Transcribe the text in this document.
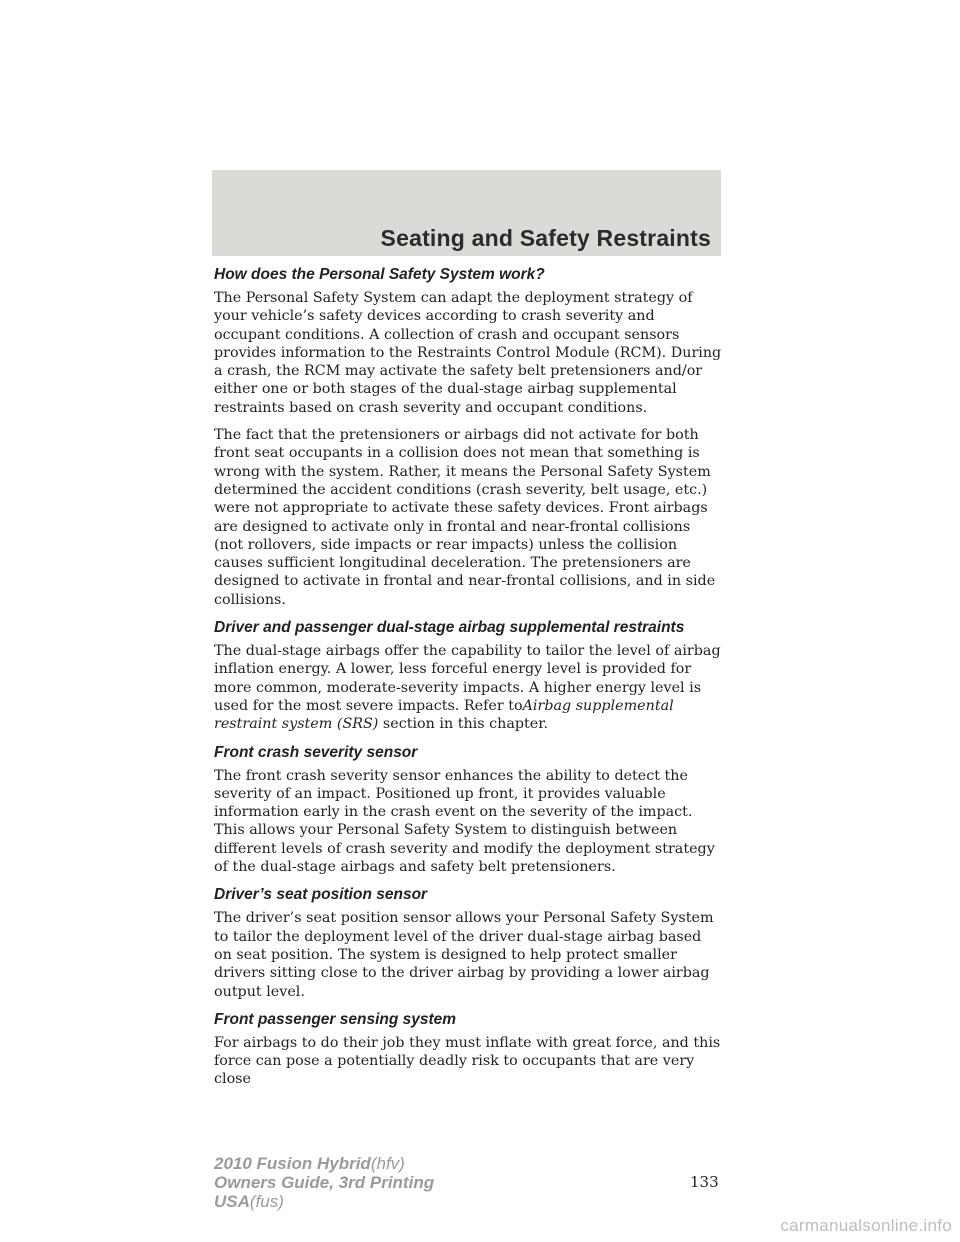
Seating and Safety Restraints
How does the Personal Safety System work?

The Personal Safety System can adapt the deployment strategy of your vehicle’s safety devices according to crash severity and occupant conditions. A collection of crash and occupant sensors provides information to the Restraints Control Module (RCM). During a crash, the RCM may activate the safety belt pretensioners and/or either one or both stages of the dual-stage airbag supplemental restraints based on crash severity and occupant conditions.

The fact that the pretensioners or airbags did not activate for both front seat occupants in a collision does not mean that something is wrong with the system. Rather, it means the Personal Safety System determined the accident conditions (crash severity, belt usage, etc.) were not appropriate to activate these safety devices. Front airbags are designed to activate only in frontal and near-frontal collisions (not rollovers, side impacts or rear impacts) unless the collision causes sufficient longitudinal deceleration. The pretensioners are designed to activate in frontal and near-frontal collisions, and in side collisions.

Driver and passenger dual-stage airbag supplemental restraints

The dual-stage airbags offer the capability to tailor the level of airbag inflation energy. A lower, less forceful energy level is provided for more common, moderate-severity impacts. A higher energy level is used for the most severe impacts. Refer toAirbag supplemental restraint system (SRS) section in this chapter.

Front crash severity sensor

The front crash severity sensor enhances the ability to detect the severity of an impact. Positioned up front, it provides valuable information early in the crash event on the severity of the impact. This allows your Personal Safety System to distinguish between different levels of crash severity and modify the deployment strategy of the dual-stage airbags and safety belt pretensioners.

Driver’s seat position sensor

The driver’s seat position sensor allows your Personal Safety System to tailor the deployment level of the driver dual-stage airbag based on seat position. The system is designed to help protect smaller drivers sitting close to the driver airbag by providing a lower airbag output level.

Front passenger sensing system

For airbags to do their job they must inflate with great force, and this force can pose a potentially deadly risk to occupants that are very close

133
2010 Fusion Hybrid(hfv)
Owners Guide, 3rd Printing
USA(fus)
carmanualsonline.info
